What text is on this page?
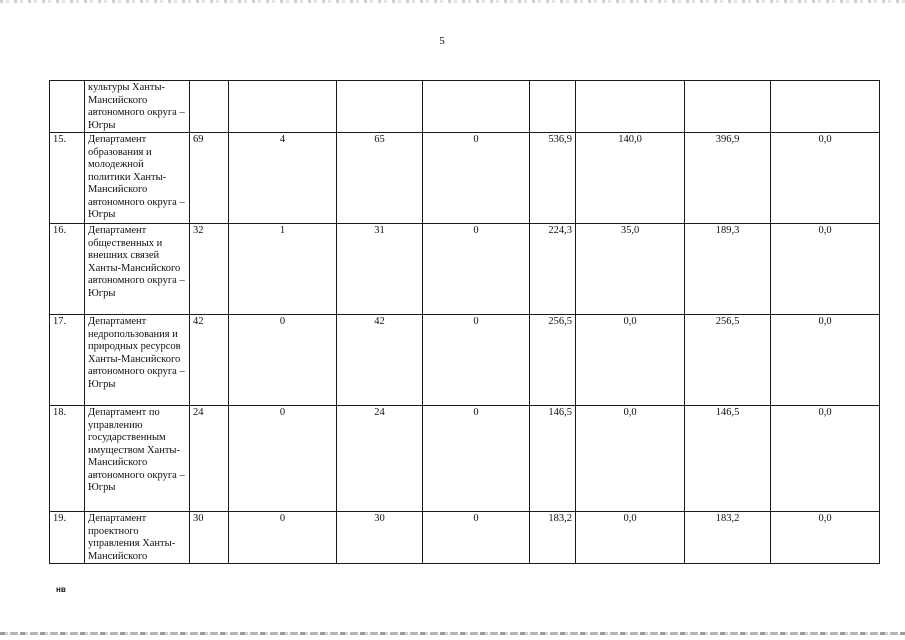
5
	культуры Ханты-Мансийского автономного округа – Югры								
15.	Департамент образования и молодежной политики Ханты-Мансийского автономного округа – Югры	69	4	65	0	536,9	140,0	396,9	0,0
16.	Департамент общественных и внешних связей Ханты-Мансийского автономного округа – Югры	32	1	31	0	224,3	35,0	189,3	0,0
17.	Департамент недропользования и природных ресурсов Ханты-Мансийского автономного округа – Югры	42	0	42	0	256,5	0,0	256,5	0,0
18.	Департамент по управлению государственным имуществом Ханты-Мансийского автономного округа – Югры	24	0	24	0	146,5	0,0	146,5	0,0
19.	Департамент проектного управления Ханты-Мансийского	30	0	30	0	183,2	0,0	183,2	0,0
нв
